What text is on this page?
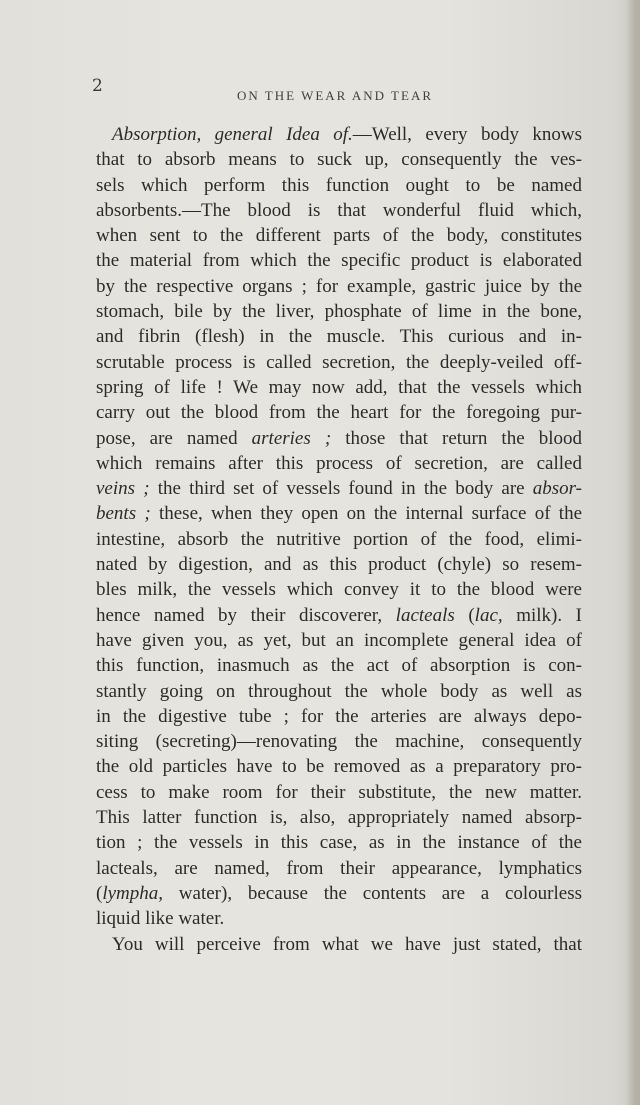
2	ON THE WEAR AND TEAR
Absorption, general Idea of.—Well, every body knows
that to absorb means to suck up, consequently the ves-
sels which perform this function ought to be named
absorbents.—The blood is that wonderful fluid which,
when sent to the different parts of the body, constitutes
the material from which the specific product is elaborated
by the respective organs ; for example, gastric juice by the
stomach, bile by the liver, phosphate of lime in the bone,
and fibrin (flesh) in the muscle. This curious and in-
scrutable process is called secretion, the deeply-veiled off-
spring of life ! We may now add, that the vessels which
carry out the blood from the heart for the foregoing pur-
pose, are named arteries ; those that return the blood
which remains after this process of secretion, are called
veins ; the third set of vessels found in the body are absor-
bents ; these, when they open on the internal surface of the
intestine, absorb the nutritive portion of the food, elimi-
nated by digestion, and as this product (chyle) so resem-
bles milk, the vessels which convey it to the blood were
hence named by their discoverer, lacteals (lac, milk). I
have given you, as yet, but an incomplete general idea of
this function, inasmuch as the act of absorption is con-
stantly going on throughout the whole body as well as
in the digestive tube ; for the arteries are always depo-
siting (secreting)—renovating the machine, consequently
the old particles have to be removed as a preparatory pro-
cess to make room for their substitute, the new matter.
This latter function is, also, appropriately named absorp-
tion ; the vessels in this case, as in the instance of the
lacteals, are named, from their appearance, lymphatics
(lympha, water), because the contents are a colourless
liquid like water.
You will perceive from what we have just stated, that
